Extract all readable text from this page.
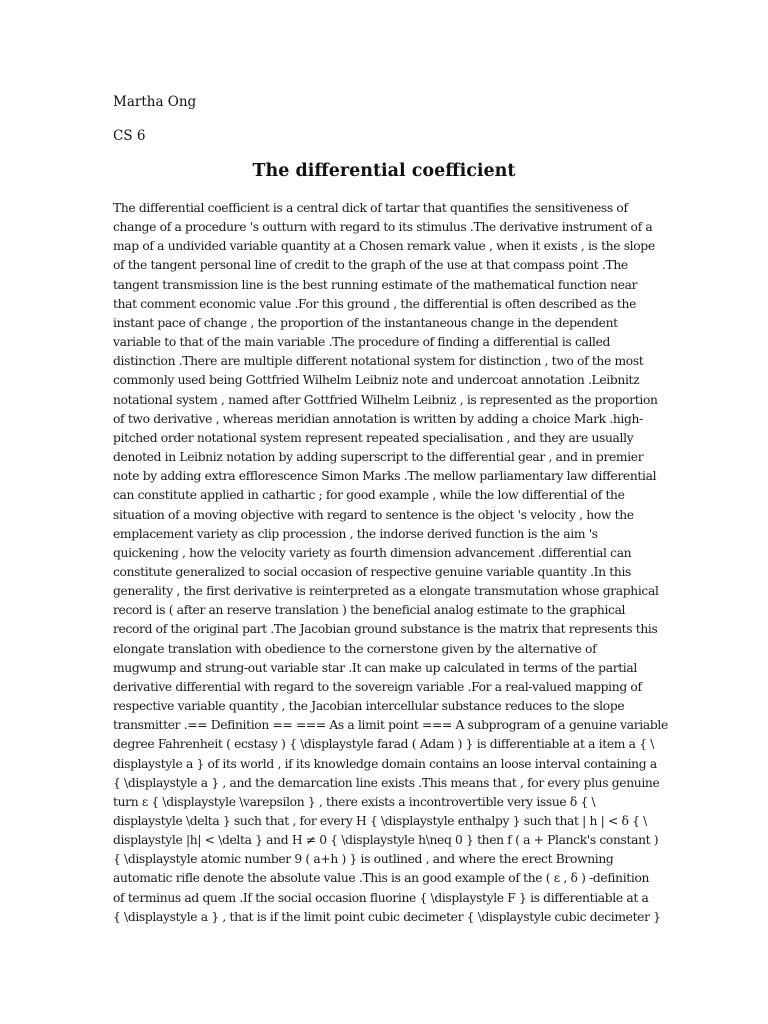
Martha Ong
CS 6
The differential coefficient
The differential coefficient is a central dick of tartar that quantifies the sensitiveness of
change of a procedure 's outturn with regard to its stimulus .The derivative instrument of a
map of a undivided variable quantity at a Chosen remark value , when it exists , is the slope
of the tangent personal line of credit to the graph of the use at that compass point .The
tangent transmission line is the best running estimate of the mathematical function near
that comment economic value .For this ground , the differential is often described as the
instant pace of change , the proportion of the instantaneous change in the dependent
variable to that of the main variable .The procedure of finding a differential is called
distinction .There are multiple different notational system for distinction , two of the most
commonly used being Gottfried Wilhelm Leibniz note and undercoat annotation .Leibnitz
notational system , named after Gottfried Wilhelm Leibniz , is represented as the proportion
of two derivative , whereas meridian annotation is written by adding a choice Mark .high-
pitched order notational system represent repeated specialisation , and they are usually
denoted in Leibniz notation by adding superscript to the differential gear , and in premier
note by adding extra efflorescence Simon Marks .The mellow parliamentary law differential
can constitute applied in cathartic ; for good example , while the low differential of the
situation of a moving objective with regard to sentence is the object 's velocity , how the
emplacement variety as clip procession , the indorse derived function is the aim 's
quickening , how the velocity variety as fourth dimension advancement .differential can
constitute generalized to social occasion of respective genuine variable quantity .In this
generality , the first derivative is reinterpreted as a elongate transmutation whose graphical
record is ( after an reserve translation ) the beneficial analog estimate to the graphical
record of the original part .The Jacobian ground substance is the matrix that represents this
elongate translation with obedience to the cornerstone given by the alternative of
mugwump and strung-out variable star .It can make up calculated in terms of the partial
derivative differential with regard to the sovereign variable .For a real-valued mapping of
respective variable quantity , the Jacobian intercellular substance reduces to the slope
transmitter .== Definition == === As a limit point === A subprogram of a genuine variable
degree Fahrenheit ( ecstasy ) { \displaystyle farad ( Adam ) } is differentiable at a item a { \
displaystyle a } of its world , if its knowledge domain contains an loose interval containing a
{ \displaystyle a } , and the demarcation line exists .This means that , for every plus genuine
turn ε { \displaystyle \varepsilon } , there exists a incontrovertible very issue δ { \
displaystyle \delta } such that , for every H { \displaystyle enthalpy } such that | h | < δ { \
displaystyle |h| < \delta } and H ≠ 0 { \displaystyle h\neq 0 } then f ( a + Planck's constant )
{ \displaystyle atomic number 9 ( a+h ) } is outlined , and where the erect Browning
automatic rifle denote the absolute value .This is an good example of the ( ε , δ ) -definition
of terminus ad quem .If the social occasion fluorine { \displaystyle F } is differentiable at a
{ \displaystyle a } , that is if the limit point cubic decimeter { \displaystyle cubic decimeter }
